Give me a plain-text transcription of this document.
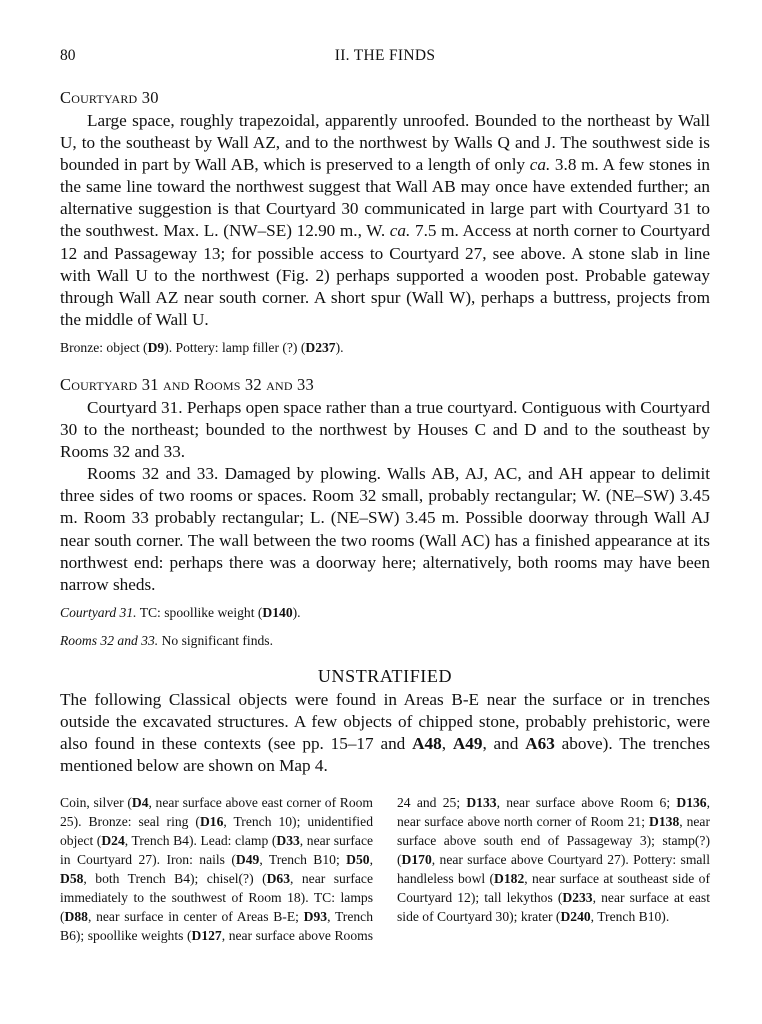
80	II. THE FINDS
Courtyard 30

Large space, roughly trapezoidal, apparently unroofed. Bounded to the northeast by Wall U, to the southeast by Wall AZ, and to the northwest by Walls Q and J. The southwest side is bounded in part by Wall AB, which is preserved to a length of only ca. 3.8 m. A few stones in the same line toward the northwest suggest that Wall AB may once have extended further; an alternative suggestion is that Courtyard 30 communicated in large part with Courtyard 31 to the southwest. Max. L. (NW–SE) 12.90 m., W. ca. 7.5 m. Access at north corner to Courtyard 12 and Passageway 13; for possible access to Courtyard 27, see above. A stone slab in line with Wall U to the northwest (Fig. 2) perhaps supported a wooden post. Probable gateway through Wall AZ near south corner. A short spur (Wall W), perhaps a buttress, projects from the middle of Wall U.

Bronze: object (D9). Pottery: lamp filler (?) (D237).

Courtyard 31 and Rooms 32 and 33

Courtyard 31. Perhaps open space rather than a true courtyard. Contiguous with Courtyard 30 to the northeast; bounded to the northwest by Houses C and D and to the southeast by Rooms 32 and 33.

Rooms 32 and 33. Damaged by plowing. Walls AB, AJ, AC, and AH appear to delimit three sides of two rooms or spaces. Room 32 small, probably rectangular; W. (NE–SW) 3.45 m. Room 33 probably rectangular; L. (NE–SW) 3.45 m. Possible doorway through Wall AJ near south corner. The wall between the two rooms (Wall AC) has a finished appearance at its northwest end: perhaps there was a doorway here; alternatively, both rooms may have been narrow sheds.

Courtyard 31. TC: spoollike weight (D140).

Rooms 32 and 33. No significant finds.

UNSTRATIFIED

The following Classical objects were found in Areas B-E near the surface or in trenches outside the excavated structures. A few objects of chipped stone, probably prehistoric, were also found in these contexts (see pp. 15–17 and A48, A49, and A63 above). The trenches mentioned below are shown on Map 4.

Coin, silver (D4, near surface above east corner of Room 25). Bronze: seal ring (D16, Trench 10); unidentified object (D24, Trench B4). Lead: clamp (D33, near surface in Courtyard 27). Iron: nails (D49, Trench B10; D50, D58, both Trench B4); chisel(?) (D63, near surface immediately to the southwest of Room 18). TC: lamps (D88, near surface in center of Areas B-E; D93, Trench B6); spoollike weights (D127, near surface above Rooms 24 and 25; D133, near surface above Room 6; D136, near surface above north corner of Room 21; D138, near surface above south end of Passageway 3); stamp(?) (D170, near surface above Courtyard 27). Pottery: small handleless bowl (D182, near surface at southeast side of Courtyard 12); tall lekythos (D233, near surface at east side of Courtyard 30); krater (D240, Trench B10).
